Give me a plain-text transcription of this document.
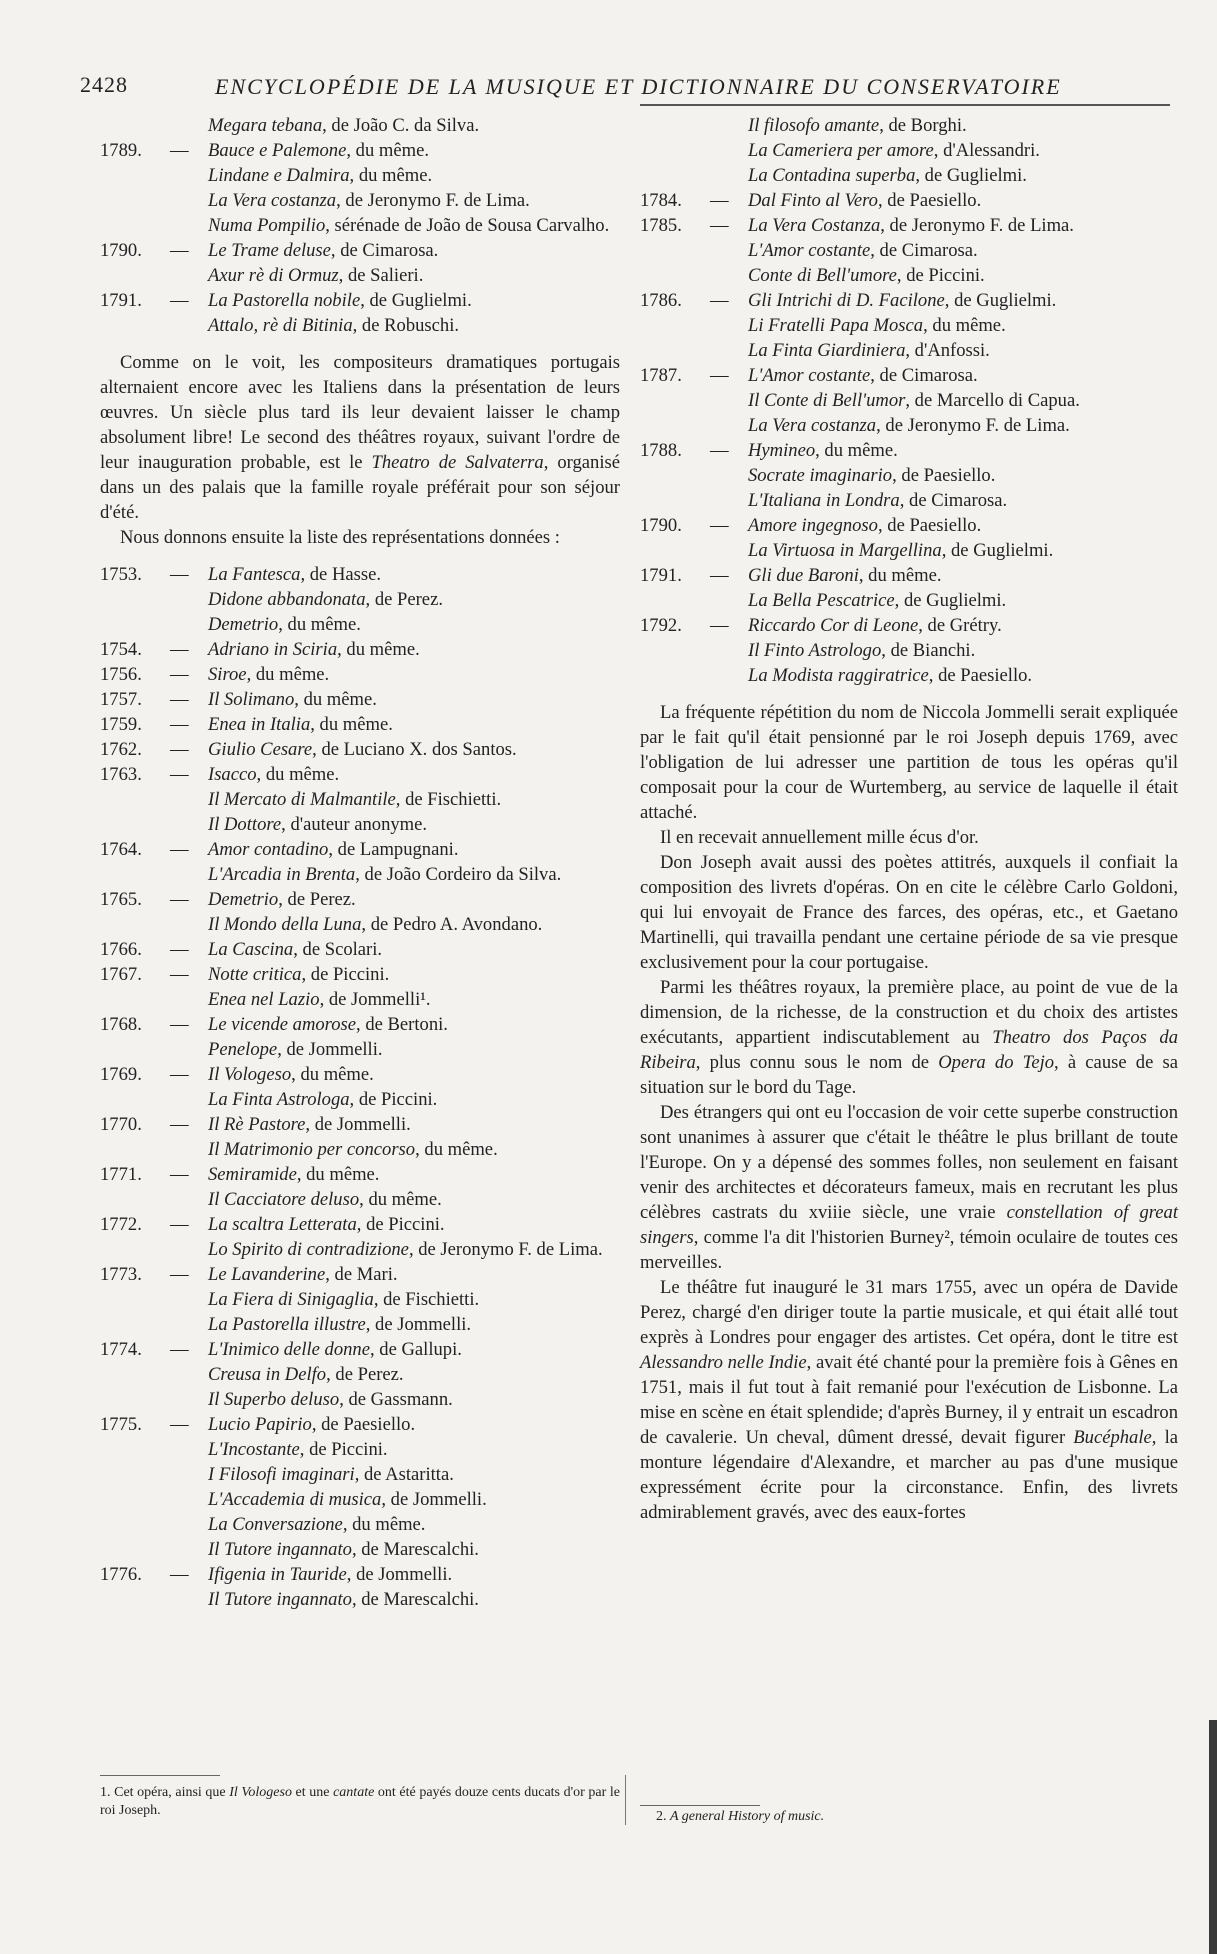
2428	ENCYCLOPÉDIE DE LA MUSIQUE ET DICTIONNAIRE DU CONSERVATOIRE
Megara tebana, de João C. da Silva.
1789. —	Bauce e Palemone, du même.
Lindane e Dalmira, du même.
La Vera costanza, de Jeronymo F. de Lima.
Numa Pompilio, sérénade de João de Sousa Carvalho.
1790. —	Le Trame deluse, de Cimarosa.
Axur rè di Ormuz, de Salieri.
1791. —	La Pastorella nobile, de Guglielmi.
Attalo, rè di Bitinia, de Robuschi.

Comme on le voit, les compositeurs dramatiques portugais alternaient encore avec les Italiens dans la présentation de leurs œuvres. Un siècle plus tard ils leur devaient laisser le champ absolument libre! Le second des théâtres royaux, suivant l'ordre de leur inauguration probable, est le Theatro de Salvaterra, organisé dans un des palais que la famille royale préférait pour son séjour d'été.

Nous donnons ensuite la liste des représentations données :

1753. —	La Fantesca, de Hasse.
Didone abbandonata, de Perez.
Demetrio, du même.
1754. —	Adriano in Sciria, du même.
1756. —	Siroe, du même.
1757. —	Il Solimano, du même.
1759. —	Enea in Italia, du même.
1762. —	Giulio Cesare, de Luciano X. dos Santos.
1763. —	Isacco, du même.
Il Mercato di Malmantile, de Fischietti.
Il Dottore, d'auteur anonyme.
1764. —	Amor contadino, de Lampugnani.
L'Arcadia in Brenta, de João Cordeiro da Silva.
1765. —	Demetrio, de Perez.
Il Mondo della Luna, de Pedro A. Avondano.
1766. —	La Cascina, de Scolari.
1767. —	Notte critica, de Piccini.
Enea nel Lazio, de Jommelli¹.
1768. —	Le vicende amorose, de Bertoni.
Penelope, de Jommelli.
1769. —	Il Vologeso, du même.
La Finta Astrologa, de Piccini.
1770. —	Il Rè Pastore, de Jommelli.
Il Matrimonio per concorso, du même.
1771. —	Semiramide, du même.
Il Cacciatore deluso, du même.
1772. —	La scaltra Letterata, de Piccini.
Lo Spirito di contradizione, de Jeronymo F. de Lima.
1773. —	Le Lavanderine, de Mari.
La Fiera di Sinigaglia, de Fischietti.
La Pastorella illustre, de Jommelli.
1774. —	L'Inimico delle donne, de Gallupi.
Creusa in Delfo, de Perez.
Il Superbo deluso, de Gassmann.
1775. —	Lucio Papirio, de Paesiello.
L'Incostante, de Piccini.
I Filosofi imaginari, de Astaritta.
L'Accademia di musica, de Jommelli.
La Conversazione, du même.
Il Tutore ingannato, de Marescalchi.
1776. —	Ifigenia in Tauride, de Jommelli.
Il Tutore ingannato, de Marescalchi.
Il filosofo amante, de Borghi.
La Cameriera per amore, d'Alessandri.
La Contadina superba, de Guglielmi.
1784. —	Dal Finto al Vero, de Paesiello.
1785. —	La Vera Costanza, de Jeronymo F. de Lima.
L'Amor costante, de Cimarosa.
Conte di Bell'umore, de Piccini.
1786. —	Gli Intrichi di D. Facilone, de Guglielmi.
Li Fratelli Papa Mosca, du même.
La Finta Giardiniera, d'Anfossi.
1787. —	L'Amor costante, de Cimarosa.
Il Conte di Bell'umor, de Marcello di Capua.
La Vera costanza, de Jeronymo F. de Lima.
1788. —	Hymineo, du même.
Socrate imaginario, de Paesiello.
L'Italiana in Londra, de Cimarosa.
1790. —	Amore ingegnoso, de Paesiello.
La Virtuosa in Margellina, de Guglielmi.
1791. —	Gli due Baroni, du même.
La Bella Pescatrice, de Guglielmi.
1792. —	Riccardo Cor di Leone, de Grétry.
Il Finto Astrologo, de Bianchi.
La Modista raggiratrice, de Paesiello.

La fréquente répétition du nom de Niccola Jommelli serait expliquée par le fait qu'il était pensionné par le roi Joseph depuis 1769, avec l'obligation de lui adresser une partition de tous les opéras qu'il composait pour la cour de Wurtemberg, au service de laquelle il était attaché.

Il en recevait annuellement mille écus d'or.

Don Joseph avait aussi des poètes attitrés, auxquels il confiait la composition des livrets d'opéras. On en cite le célèbre Carlo Goldoni, qui lui envoyait de France des farces, des opéras, etc., et Gaetano Martinelli, qui travailla pendant une certaine période de sa vie presque exclusivement pour la cour portugaise.

Parmi les théâtres royaux, la première place, au point de vue de la dimension, de la richesse, de la construction et du choix des artistes exécutants, appartient indiscutablement au Theatro dos Paços da Ribeira, plus connu sous le nom de Opera do Tejo, à cause de sa situation sur le bord du Tage.

Des étrangers qui ont eu l'occasion de voir cette superbe construction sont unanimes à assurer que c'était le théâtre le plus brillant de toute l'Europe. On y a dépensé des sommes folles, non seulement en faisant venir des architectes et décorateurs fameux, mais en recrutant les plus célèbres castrats du xviiie siècle, une vraie constellation of great singers, comme l'a dit l'historien Burney², témoin oculaire de toutes ces merveilles.

Le théâtre fut inauguré le 31 mars 1755, avec un opéra de Davide Perez, chargé d'en diriger toute la partie musicale, et qui était allé tout exprès à Londres pour engager des artistes. Cet opéra, dont le titre est Alessandro nelle Indie, avait été chanté pour la première fois à Gênes en 1751, mais il fut tout à fait remanié pour l'exécution de Lisbonne. La mise en scène en était splendide; d'après Burney, il y entrait un escadron de cavalerie. Un cheval, dûment dressé, devait figurer Bucéphale, la monture légendaire d'Alexandre, et marcher au pas d'une musique expressément écrite pour la circonstance. Enfin, des livrets admirablement gravés, avec des eaux-fortes

1. Cet opéra, ainsi que Il Vologeso et une cantate ont été payés douze cents ducats d'or par le roi Joseph.	2. A general History of music.
